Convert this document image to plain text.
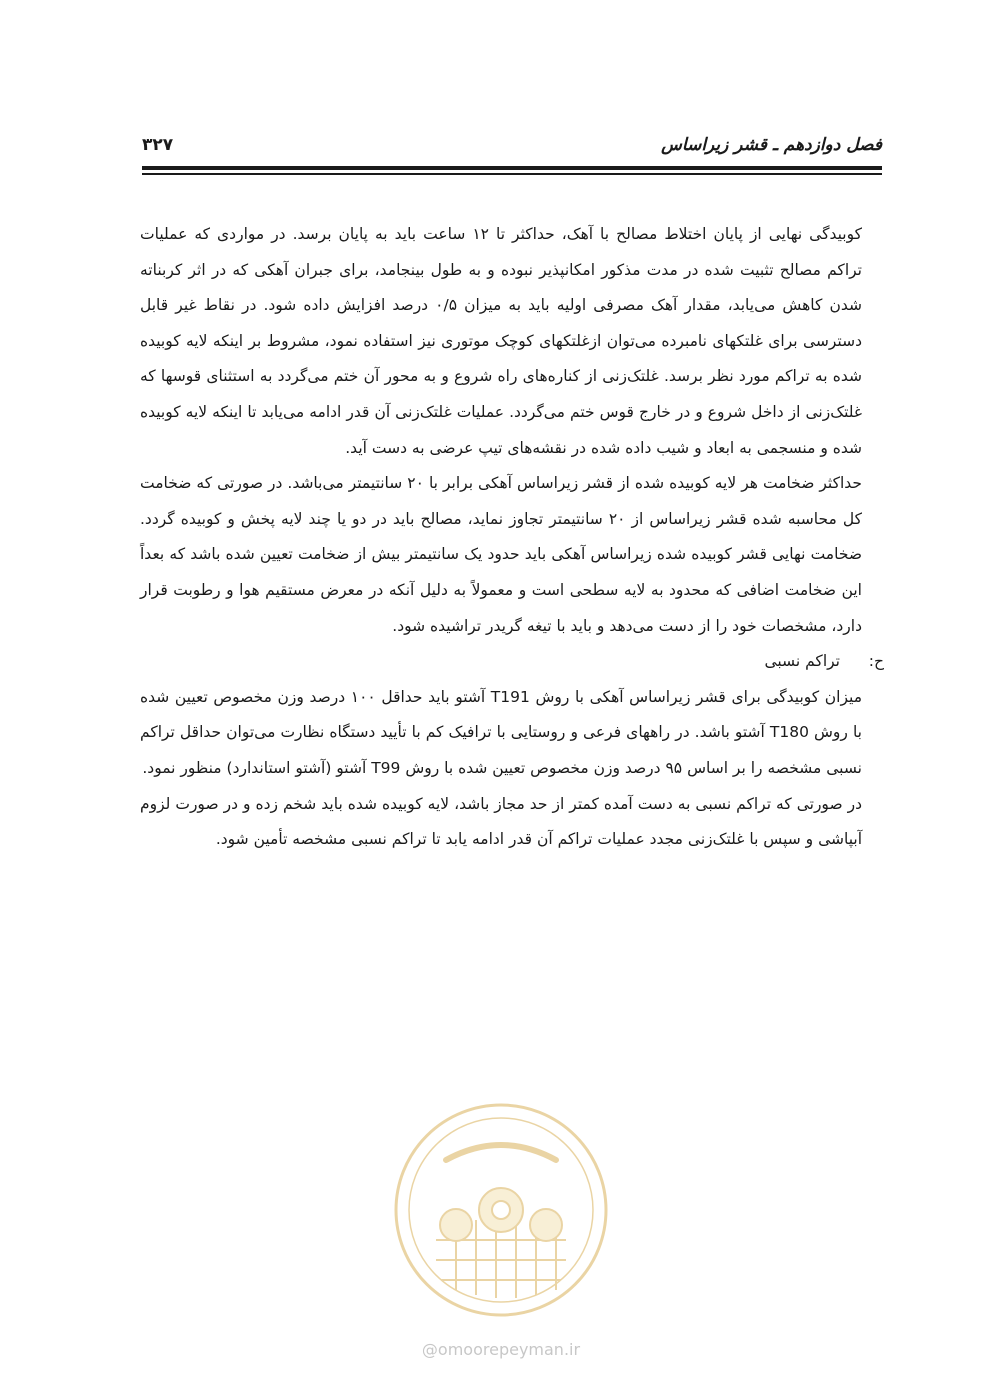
فصل دوازدهم ـ قشر زیراساس
۳۲۷

کوبیدگی نهایی از پایان اختلاط مصالح با آهک، حداکثر تا ۱۲ ساعت باید به پایان برسد. در مواردی که عملیات تراکم مصالح تثبیت شده در مدت مذکور امکانپذیر نبوده و به طول بینجامد، برای جبران آهکی که در اثر کربناته شدن کاهش می‌یابد، مقدار آهک مصرفی اولیه باید به میزان ۰/۵ درصد افزایش داده شود. در نقاط غیر قابل دسترسی برای غلتکهای نامبرده می‌توان ازغلتکهای کوچک موتوری نیز استفاده نمود، مشروط بر اینکه لایه کوبیده شده به تراکم مورد نظر برسد. غلتک‌زنی از کناره‌های راه شروع و به محور آن ختم می‌گردد به استثنای قوسها که غلتک‌زنی از داخل شروع و در خارج قوس ختم می‌گردد. عملیات غلتک‌زنی آن قدر ادامه می‌یابد تا اینکه لایه کوبیده شده و منسجمی به ابعاد و شیب داده شده در نقشه‌های تیپ عرضی به دست آید.

حداکثر ضخامت هر لایه کوبیده شده از قشر زیراساس آهکی برابر با ۲۰ سانتیمتر می‌باشد. در صورتی که ضخامت کل محاسبه شده قشر زیراساس از ۲۰ سانتیمتر تجاوز نماید، مصالح باید در دو یا چند لایه پخش و کوبیده گردد. ضخامت نهایی قشر کوبیده شده زیراساس آهکی باید حدود یک سانتیمتر بیش از ضخامت تعیین شده باشد که بعداً این ضخامت اضافی که محدود به لایه سطحی است و معمولاً به دلیل آنکه در معرض مستقیم هوا و رطوبت قرار دارد، مشخصات خود را از دست می‌دهد و باید با تیغه گریدر تراشیده شود.

ح:
تراکم نسبی

میزان کوبیدگی برای قشر زیراساس آهکی با روش T191 آشتو باید حداقل ۱۰۰ درصد وزن مخصوص تعیین شده با روش T180 آشتو باشد. در راههای فرعی و روستایی با ترافیک کم با تأیید دستگاه نظارت می‌توان حداقل تراکم نسبی مشخصه را بر اساس ۹۵ درصد وزن مخصوص تعیین شده با روش T99 آشتو (آشتو استاندارد) منظور نمود.

در صورتی که تراکم نسبی به دست آمده کمتر از حد مجاز باشد، لایه کوبیده شده باید شخم زده و در صورت لزوم آبپاشی و سپس با غلتک‌زنی مجدد عملیات تراکم آن قدر ادامه یابد تا تراکم نسبی مشخصه تأمین شود.

@omoorepeyman.ir
